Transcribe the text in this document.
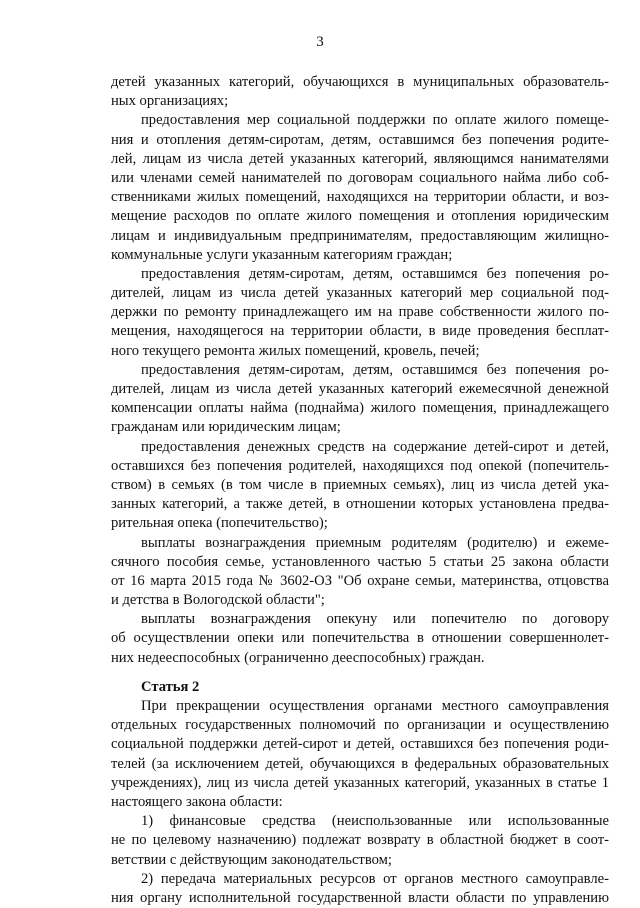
3
детей указанных категорий, обучающихся в муниципальных образователь-
ных организациях;
предоставления мер социальной поддержки по оплате жилого помеще-
ния и отопления детям-сиротам, детям, оставшимся без попечения родите-
лей, лицам из числа детей указанных категорий, являющимся нанимателями
или членами семей нанимателей по договорам социального найма либо соб-
ственниками жилых помещений, находящихся на территории области, и воз-
мещение расходов по оплате жилого помещения и отопления юридическим
лицам и индивидуальным предпринимателям, предоставляющим жилищно-
коммунальные услуги указанным категориям граждан;
предоставления детям-сиротам, детям, оставшимся без попечения ро-
дителей, лицам из числа детей указанных категорий мер социальной под-
держки по ремонту принадлежащего им на праве собственности жилого по-
мещения, находящегося на территории области, в виде проведения бесплат-
ного текущего ремонта жилых помещений, кровель, печей;
предоставления детям-сиротам, детям, оставшимся без попечения ро-
дителей, лицам из числа детей указанных категорий ежемесячной денежной
компенсации оплаты найма (поднайма) жилого помещения, принадлежащего
гражданам или юридическим лицам;
предоставления денежных средств на содержание детей-сирот и детей,
оставшихся без попечения родителей, находящихся под опекой (попечитель-
ством) в семьях (в том числе в приемных семьях), лиц из числа детей ука-
занных категорий, а также детей, в отношении которых установлена предва-
рительная опека (попечительство);
выплаты вознаграждения приемным родителям (родителю) и ежеме-
сячного пособия семье, установленного частью 5 статьи 25 закона области
от 16 марта 2015 года № 3602-ОЗ "Об охране семьи, материнства, отцовства
и детства в Вологодской области";
выплаты вознаграждения опекуну или попечителю по договору
об осуществлении опеки или попечительства в отношении совершеннолет-
них недееспособных (ограниченно дееспособных) граждан.
Статья 2
При прекращении осуществления органами местного самоуправления
отдельных государственных полномочий по организации и осуществлению
социальной поддержки детей-сирот и детей, оставшихся без попечения роди-
телей (за исключением детей, обучающихся в федеральных образовательных
учреждениях), лиц из числа детей указанных категорий, указанных в статье 1
настоящего закона области:
1) финансовые средства (неиспользованные или использованные
не по целевому назначению) подлежат возврату в областной бюджет в соот-
ветствии с действующим законодательством;
2) передача материальных ресурсов от органов местного самоуправле-
ния органу исполнительной государственной власти области по управлению
